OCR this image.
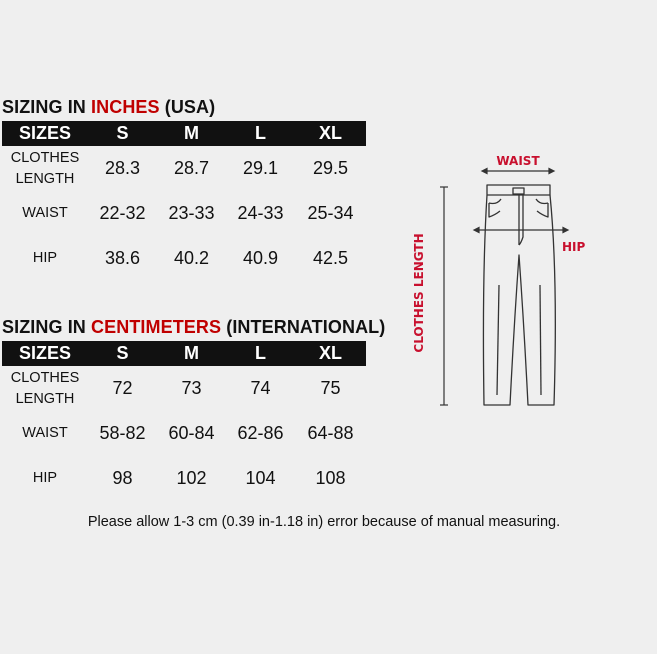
SIZING IN INCHES (USA)
SIZES	S	M	L	XL
CLOTHES
LENGTH	28.3	28.7	29.1	29.5
WAIST	22-32	23-33	24-33	25-34
HIP	38.6	40.2	40.9	42.5
SIZING IN CENTIMETERS (INTERNATIONAL)
SIZES	S	M	L	XL
CLOTHES
LENGTH	72	73	74	75
WAIST	58-82	60-84	62-86	64-88
HIP	98	102	104	108
WAIST
HIP
CLOTHES LENGTH
Please allow 1-3 cm (0.39 in-1.18 in) error because of manual measuring.
